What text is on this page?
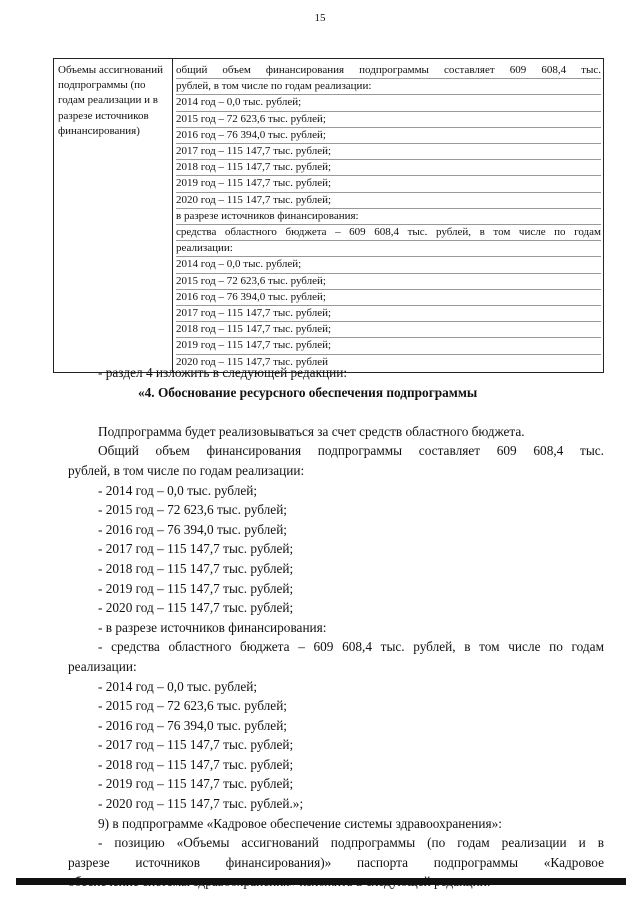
15
Объемы ассигнований подпрограммы (по годам реализации и в разрезе источников финансирования)	
общий объем финансирования подпрограммы составляет 609 608,4 тыс.
рублей, в том числе по годам реализации:
2014 год – 0,0 тыс. рублей;
2015 год – 72 623,6 тыс. рублей;
2016 год – 76 394,0 тыс. рублей;
2017 год – 115 147,7 тыс. рублей;
2018 год – 115 147,7 тыс. рублей;
2019 год – 115 147,7 тыс. рублей;
2020 год – 115 147,7 тыс. рублей;
в разрезе источников финансирования:
средства областного бюджета – 609 608,4 тыс. рублей, в том числе по годам
реализации:
2014 год – 0,0 тыс. рублей;
2015 год – 72 623,6 тыс. рублей;
2016 год – 76 394,0 тыс. рублей;
2017 год – 115 147,7 тыс. рублей;
2018 год – 115 147,7 тыс. рублей;
2019 год – 115 147,7 тыс. рублей;
2020 год – 115 147,7 тыс. рублей

- раздел 4 изложить в следующей редакции:

«4. Обоснование ресурсного обеспечения подпрограммы

Подпрограмма будет реализовываться за счет средств областного бюджета.

Общий объем финансирования подпрограммы составляет 609 608,4 тыс.

рублей, в том числе по годам реализации:

- 2014 год – 0,0 тыс. рублей;

- 2015 год – 72 623,6 тыс. рублей;

- 2016 год – 76 394,0 тыс. рублей;

- 2017 год – 115 147,7 тыс. рублей;

- 2018 год – 115 147,7 тыс. рублей;

- 2019 год – 115 147,7 тыс. рублей;

- 2020 год – 115 147,7 тыс. рублей;

- в разрезе источников финансирования:

- средства областного бюджета – 609 608,4 тыс. рублей, в том числе по годам

реализации:

- 2014 год – 0,0 тыс. рублей;

- 2015 год – 72 623,6 тыс. рублей;

- 2016 год – 76 394,0 тыс. рублей;

- 2017 год – 115 147,7 тыс. рублей;

- 2018 год – 115 147,7 тыс. рублей;

- 2019 год – 115 147,7 тыс. рублей;

- 2020 год – 115 147,7 тыс. рублей.»;

9) в подпрограмме «Кадровое обеспечение системы здравоохранения»:

- позицию «Объемы ассигнований подпрограммы (по годам реализации и в

разрезе источников финансирования)» паспорта подпрограммы «Кадровое
